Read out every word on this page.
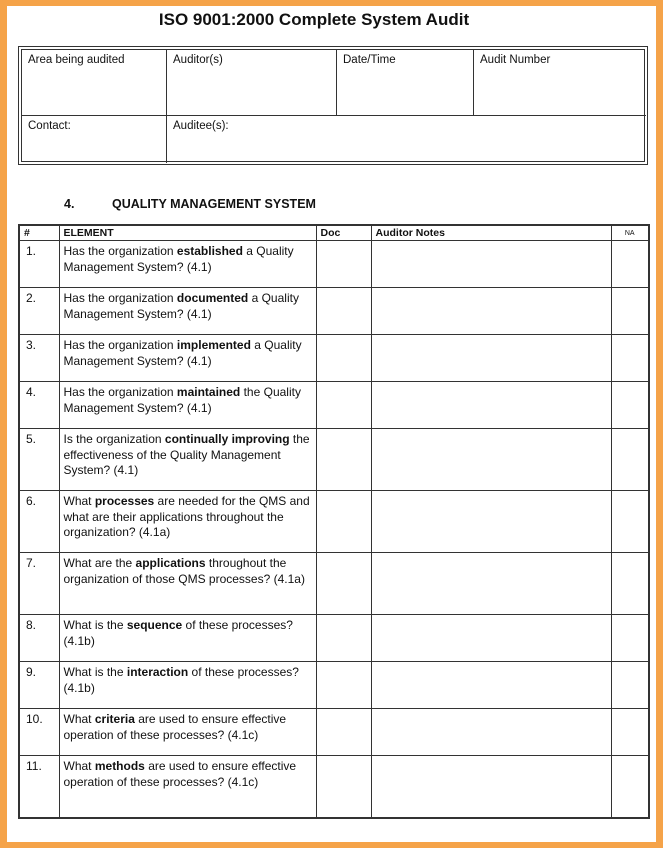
ISO 9001:2000 Complete System Audit
Area being audited	Auditor(s)	Date/Time	Audit Number
Contact:	Auditee(s):
4.	QUALITY MANAGEMENT SYSTEM
#	ELEMENT	Doc	Auditor Notes	NA
1.	Has the organization established a Quality Management System? (4.1)			
2.	Has the organization documented a Quality Management System? (4.1)			
3.	Has the organization implemented a Quality Management System? (4.1)			
4.	Has the organization maintained the Quality Management System? (4.1)			
5.	Is the organization continually improving the effectiveness of the Quality Management System? (4.1)			
6.	What processes are needed for the QMS and what are their applications throughout the organization? (4.1a)			
7.	What are the applications throughout the organization of those QMS processes? (4.1a)			
8.	What is the sequence of these processes? (4.1b)			
9.	What is the interaction of these processes? (4.1b)			
10.	What criteria are used to ensure effective operation of these processes? (4.1c)			
11.	What methods are used to ensure effective operation of these processes? (4.1c)			
